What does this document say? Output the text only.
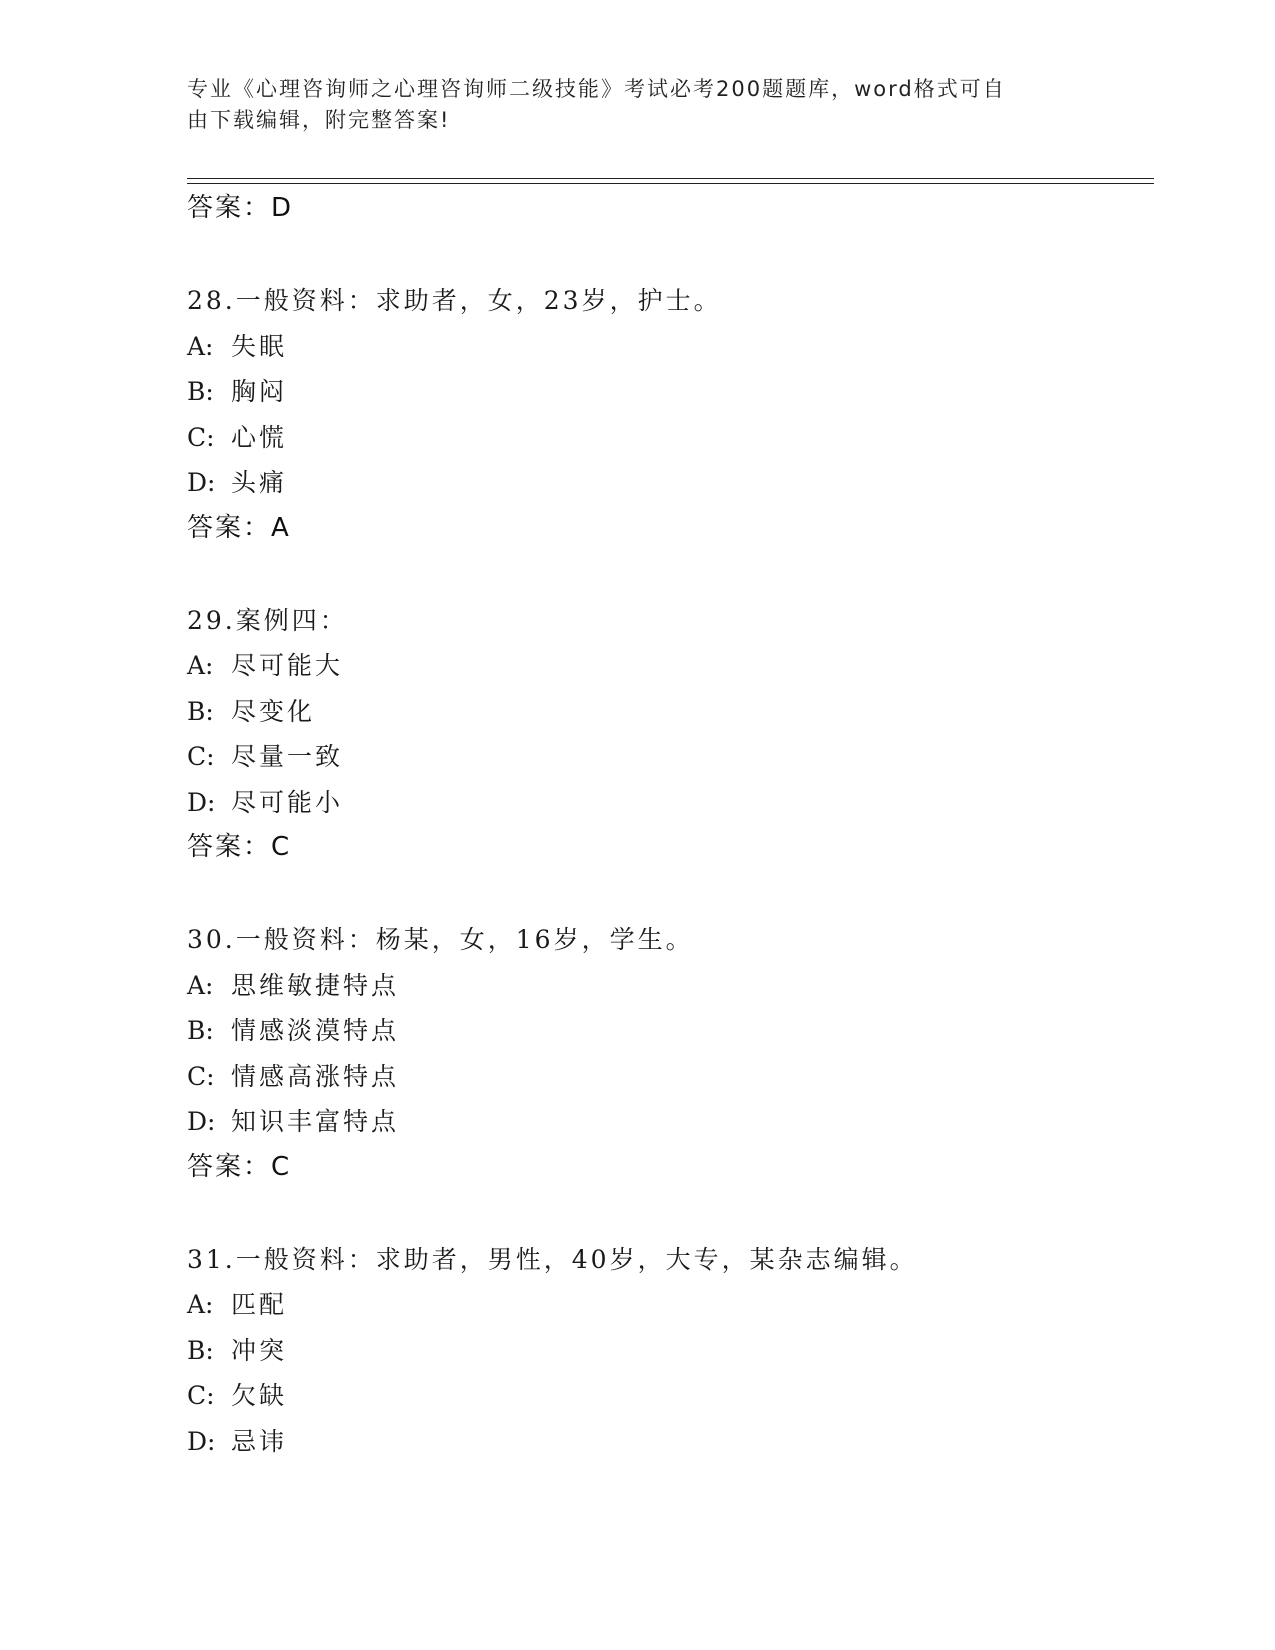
专业《心理咨询师之心理咨询师二级技能》考试必考200题题库，word格式可自
由下载编辑，附完整答案!
答案：D
28.一般资料：求助者，女，23岁，护士。
A: 失眠
B: 胸闷
C: 心慌
D: 头痛
答案：A
29.案例四：
A: 尽可能大
B: 尽变化
C: 尽量一致
D: 尽可能小
答案：C
30.一般资料：杨某，女，16岁，学生。
A: 思维敏捷特点
B: 情感淡漠特点
C: 情感高涨特点
D: 知识丰富特点
答案：C
31.一般资料：求助者，男性，40岁，大专，某杂志编辑。
A: 匹配
B: 冲突
C: 欠缺
D: 忌讳
